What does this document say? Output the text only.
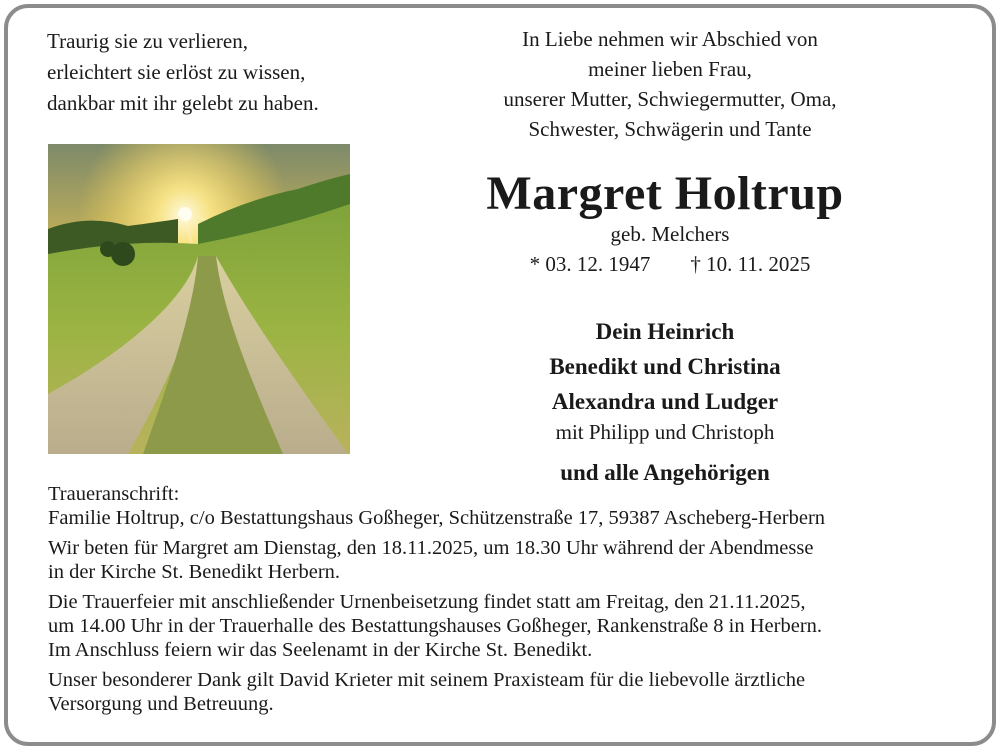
Traurig sie zu verlieren,
erleichtert sie erlöst zu wissen,
dankbar mit ihr gelebt zu haben.
In Liebe nehmen wir Abschied von
meiner lieben Frau,
unserer Mutter, Schwiegermutter, Oma,
Schwester, Schwägerin und Tante
Margret Holtrup
geb. Melchers
* 03. 12. 1947 † 10. 11. 2025
Dein Heinrich
Benedikt und Christina
Alexandra und Ludger
mit Philipp und Christoph
und alle Angehörigen

Traueranschrift:
Familie Holtrup, c/o Bestattungshaus Goßheger, Schützenstraße 17, 59387 Ascheberg-Herbern

Wir beten für Margret am Dienstag, den 18.11.2025, um 18.30 Uhr während der Abendmesse
in der Kirche St. Benedikt Herbern.

Die Trauerfeier mit anschließender Urnenbeisetzung findet statt am Freitag, den 21.11.2025,
um 14.00 Uhr in der Trauerhalle des Bestattungshauses Goßheger, Rankenstraße 8 in Herbern.
Im Anschluss feiern wir das Seelenamt in der Kirche St. Benedikt.

Unser besonderer Dank gilt David Krieter mit seinem Praxisteam für die liebevolle ärztliche
Versorgung und Betreuung.
